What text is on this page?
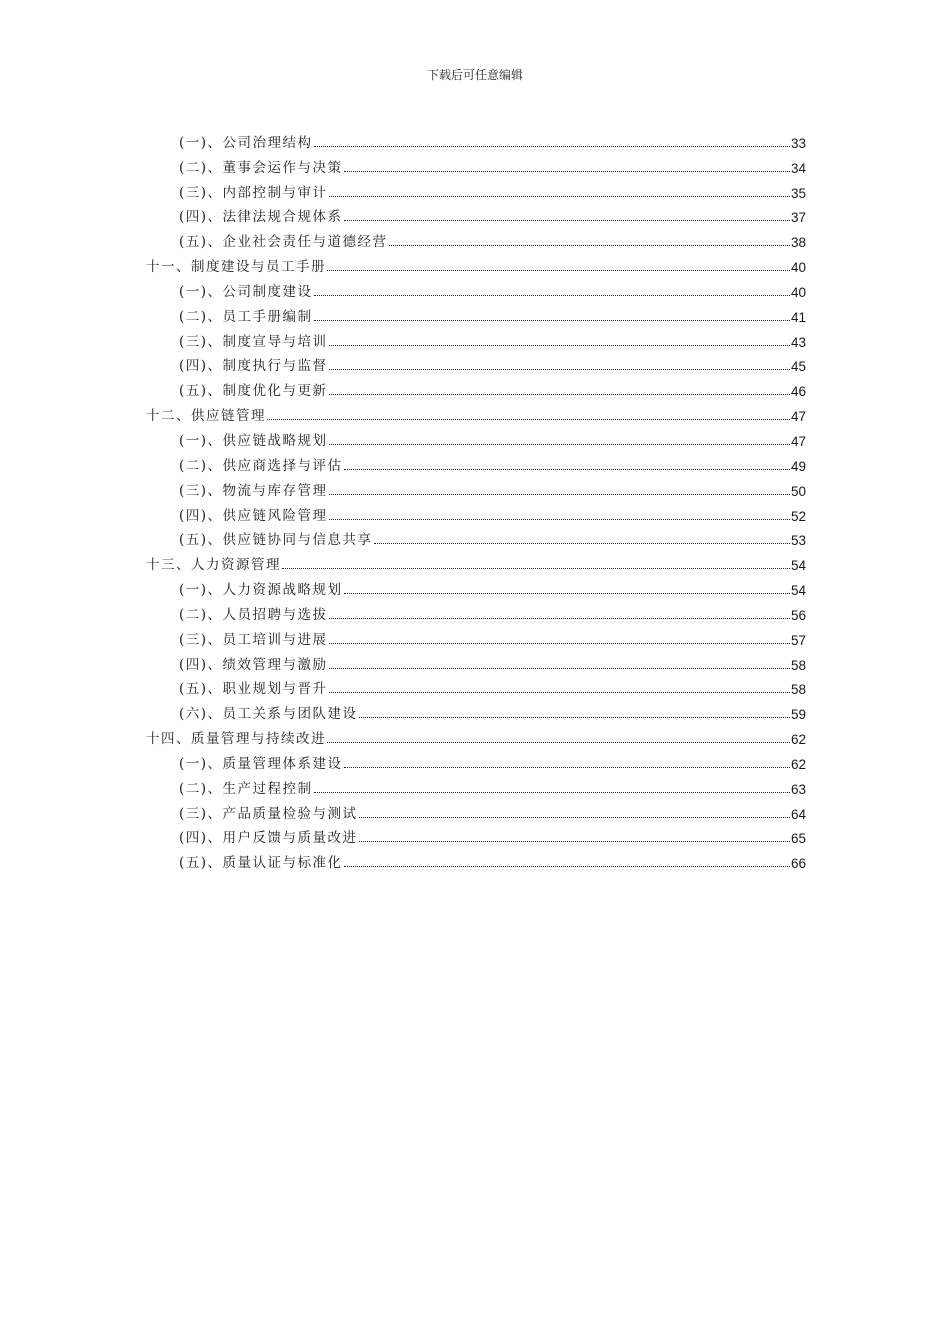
下载后可任意编辑
(一)、公司治理结构	33
(二)、董事会运作与决策	34
(三)、内部控制与审计	35
(四)、法律法规合规体系	37
(五)、企业社会责任与道德经营	38
十一、制度建设与员工手册	40
(一)、公司制度建设	40
(二)、员工手册编制	41
(三)、制度宣导与培训	43
(四)、制度执行与监督	45
(五)、制度优化与更新	46
十二、供应链管理	47
(一)、供应链战略规划	47
(二)、供应商选择与评估	49
(三)、物流与库存管理	50
(四)、供应链风险管理	52
(五)、供应链协同与信息共享	53
十三、人力资源管理	54
(一)、人力资源战略规划	54
(二)、人员招聘与选拔	56
(三)、员工培训与进展	57
(四)、绩效管理与激励	58
(五)、职业规划与晋升	58
(六)、员工关系与团队建设	59
十四、质量管理与持续改进	62
(一)、质量管理体系建设	62
(二)、生产过程控制	63
(三)、产品质量检验与测试	64
(四)、用户反馈与质量改进	65
(五)、质量认证与标准化	66
